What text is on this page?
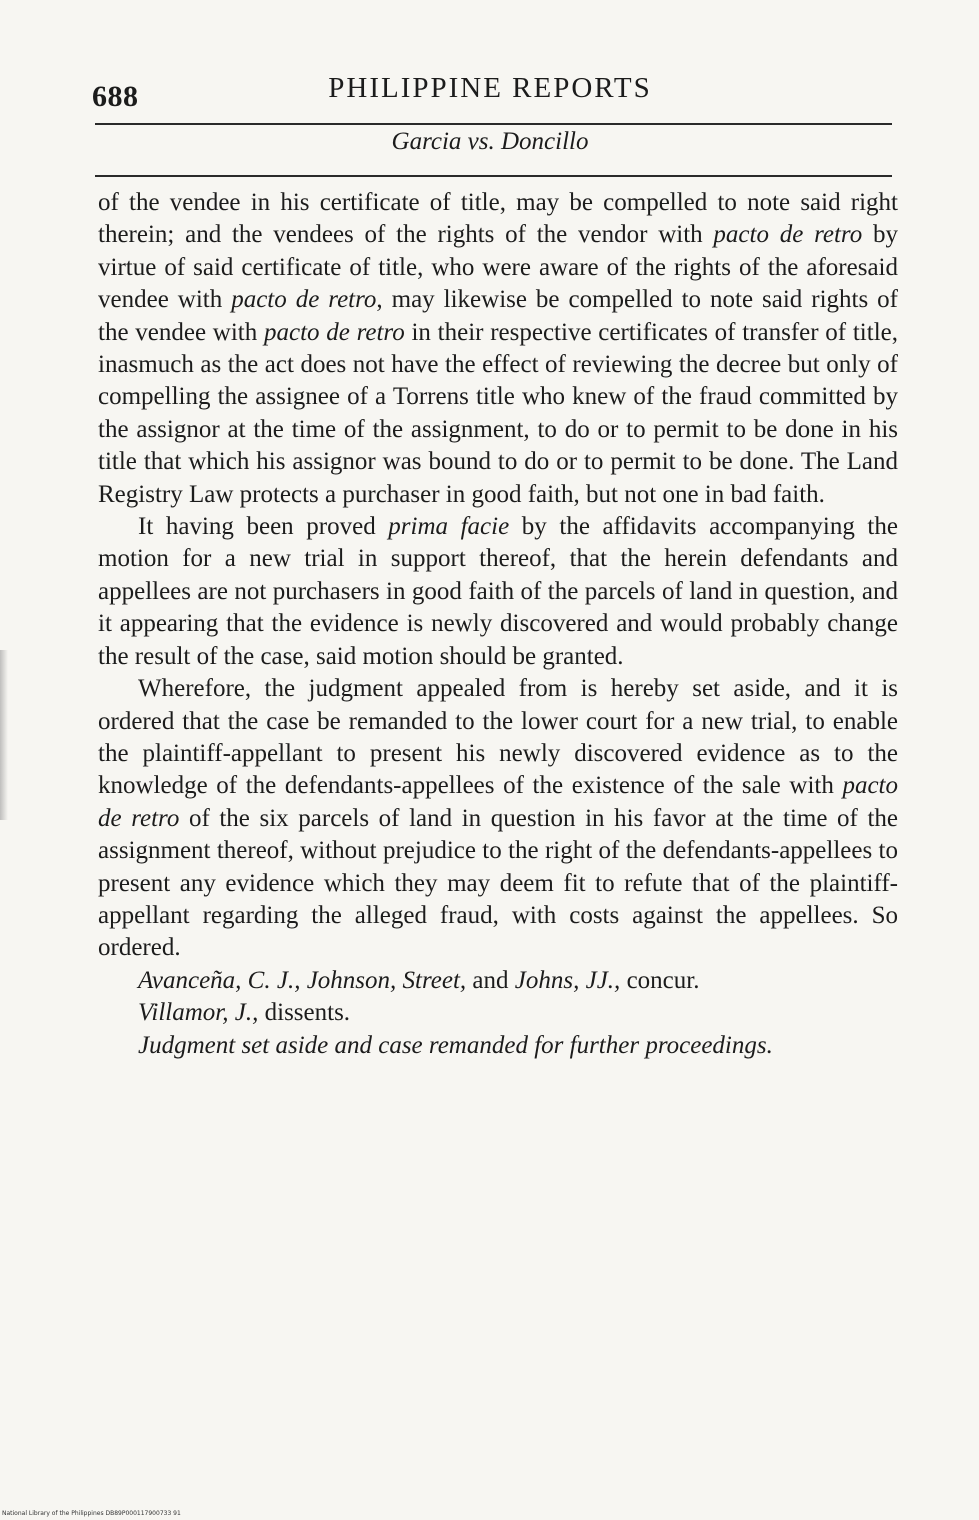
688	PHILIPPINE REPORTS
Garcia vs. Doncillo

of the vendee in his certificate of title, may be compelled to note said right therein; and the vendees of the rights of the vendor with pacto de retro by virtue of said certificate of title, who were aware of the rights of the aforesaid vendee with pacto de retro, may likewise be compelled to note said rights of the vendee with pacto de retro in their respective certificates of transfer of title, inasmuch as the act does not have the effect of reviewing the decree but only of compelling the assignee of a Torrens title who knew of the fraud committed by the assignor at the time of the assignment, to do or to permit to be done in his title that which his assignor was bound to do or to permit to be done. The Land Registry Law protects a purchaser in good faith, but not one in bad faith.

It having been proved prima facie by the affidavits accompanying the motion for a new trial in support thereof, that the herein defendants and appellees are not purchasers in good faith of the parcels of land in question, and it appearing that the evidence is newly discovered and would probably change the result of the case, said motion should be granted.

Wherefore, the judgment appealed from is hereby set aside, and it is ordered that the case be remanded to the lower court for a new trial, to enable the plaintiff-appellant to present his newly discovered evidence as to the knowledge of the defendants-appellees of the existence of the sale with pacto de retro of the six parcels of land in question in his favor at the time of the assignment thereof, without prejudice to the right of the defendants-appellees to present any evidence which they may deem fit to refute that of the plaintiff-appellant regarding the alleged fraud, with costs against the appellees. So ordered.

Avanceña, C. J., Johnson, Street, and Johns, JJ., concur.

Villamor, J., dissents.

Judgment set aside and case remanded for further proceedings.

National Library of the Philippines DB89P000117900733 91
